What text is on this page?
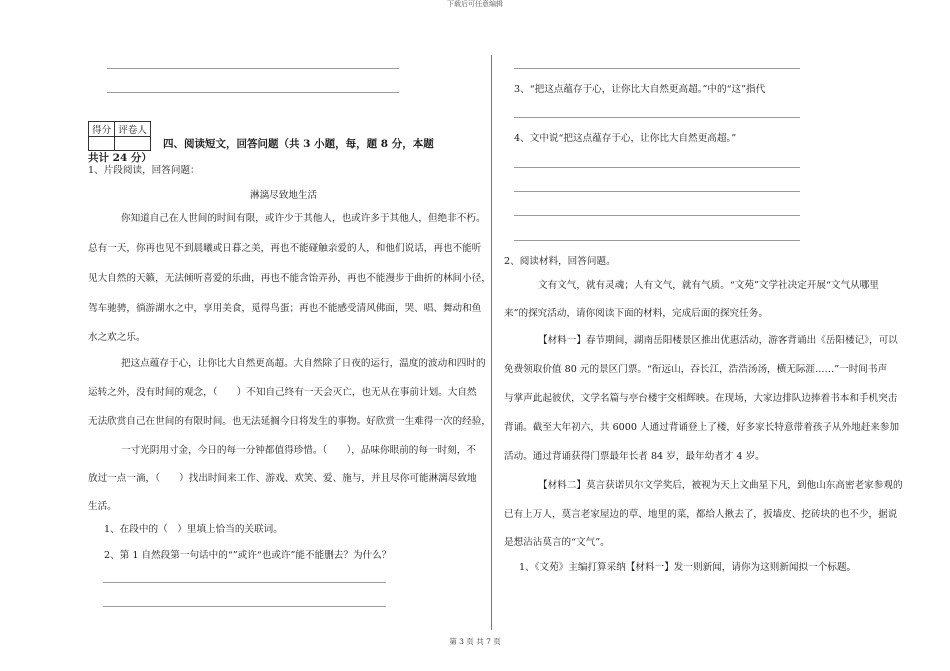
下载后可任意编辑
得分	评卷人

四、阅读短文，回答问题（共 3 小题，每，题 8 分，本题
共计 24 分）
1、片段阅读，回答问题：
淋漓尽致地生活
你知道自己在人世间的时间有限，或许少于其他人，也或许多于其他人，但绝非不朽。
总有一天，你再也见不到晨曦或日暮之美，再也不能碰触亲爱的人，和他们说话，再也不能听
见大自然的天籁，无法倾听喜爱的乐曲，再也不能含饴弄孙，再也不能漫步于曲折的林间小径，
驾车驰骋，徜游湖水之中，享用美食，觅得鸟蛋；再也不能感受清风佛面，哭、唱、舞动和鱼
水之欢之乐。
把这点蕴存于心，让你比大自然更高超。大自然除了日夜的运行，温度的波动和四时的
运转之外，没有时间的观念，（　　）不知自己终有一天会灭亡，也无从在事前计划。大自然
无法欣赏自己在世间的有限时间。也无法延搁今日将发生的事物。好欣赏一生难得一次的经验，
一寸光阴用寸金，今日的每一分钟都值得珍惜。（　　），品味你眼前的每一时刻，不
放过一点一滴，（　　）找出时间来工作、游戏、欢笑、爱、施与，并且尽你可能淋漓尽致地
生活。
1、在段中的（　）里填上恰当的关联词。
2、第 1 自然段第一句话中的“”或许“也或许”能不能删去？为什么？
3、“把这点蕴存于心，让你比大自然更高超。”中的“这”指代
4、文中说“把这点蕴存于心，让你比大自然更高超。”
2、阅读材料，回答问题。
文有文气，就有灵魂；人有文气，就有气质。“文苑”文学社决定开展“文气从哪里
来”的探究活动，请你阅读下面的材料，完成后面的探究任务。
【材料一】春节期间，湖南岳阳楼景区推出优惠活动，游客背诵出《岳阳楼记》，可以
免费领取价值 80 元的景区门票。“衔远山，吞长江，浩浩汤汤，横无际涯……”一时间书声
与掌声此起彼伏，文学名篇与亭台楼宇交相辉映。在现场，大家边排队边捧着书本和手机突击
背诵。截至大年初六，共 6000 人通过背诵登上了楼，好多家长特意带着孩子从外地赶来参加
活动。通过背诵获得门票最年长者 84 岁，最年幼者才 4 岁。
【材料二】莫言获诺贝尔文学奖后，被视为天上文曲星下凡，到他山东高密老家参观的
已有上万人，莫言老家屋边的草、地里的菜，都给人揪去了，扳墙皮、挖砖块的也不少，据说
是想沾沾莫言的“文气”。
1、《文苑》主编打算采纳【材料一】发一则新闻，请你为这则新闻拟一个标题。
第 3 页 共 7 页
